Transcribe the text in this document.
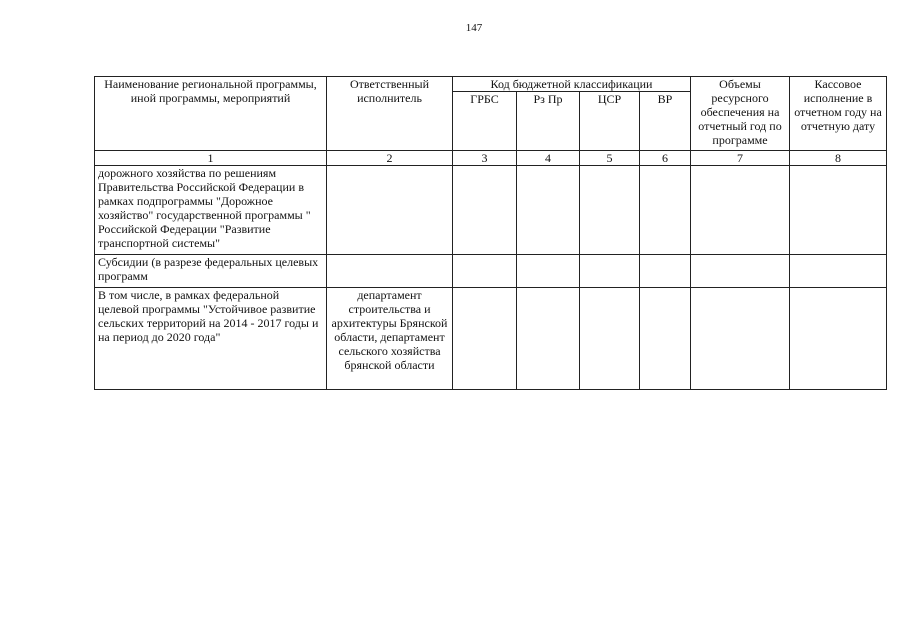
147
Наименование региональной программы, иной программы, мероприятий	Ответственный исполнитель	Код бюджетной классификации				Объемы ресурсного обеспечения на отчетный год по программе	Кассовое исполнение в отчетном году на отчетную дату
		ГРБС	Рз Пр	ЦСР	ВР		
1	2	3	4	5	6	7	8
дорожного хозяйства по решениям Правительства Российской Федерации в рамках подпрограммы "Дорожное хозяйство" государственной программы " Российской Федерации "Развитие транспортной системы"							
Субсидии (в разрезе федеральных целевых программ							
В том числе, в рамках федеральной целевой программы "Устойчивое развитие сельских территорий на 2014 - 2017 годы и на период до 2020 года"	департамент строительства и архитектуры Брянской области, департамент сельского хозяйства брянской области						
